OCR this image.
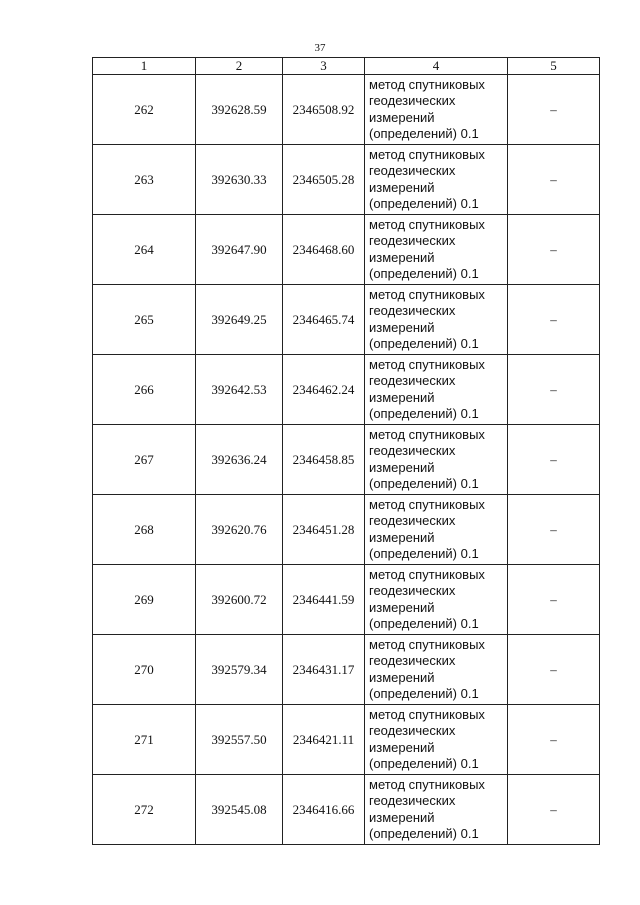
37
1	2	3	4	5
262	392628.59	2346508.92	метод спутниковых
геодезических
измерений
(определений) 0.1	–
263	392630.33	2346505.28	метод спутниковых
геодезических
измерений
(определений) 0.1	–
264	392647.90	2346468.60	метод спутниковых
геодезических
измерений
(определений) 0.1	–
265	392649.25	2346465.74	метод спутниковых
геодезических
измерений
(определений) 0.1	–
266	392642.53	2346462.24	метод спутниковых
геодезических
измерений
(определений) 0.1	–
267	392636.24	2346458.85	метод спутниковых
геодезических
измерений
(определений) 0.1	–
268	392620.76	2346451.28	метод спутниковых
геодезических
измерений
(определений) 0.1	–
269	392600.72	2346441.59	метод спутниковых
геодезических
измерений
(определений) 0.1	–
270	392579.34	2346431.17	метод спутниковых
геодезических
измерений
(определений) 0.1	–
271	392557.50	2346421.11	метод спутниковых
геодезических
измерений
(определений) 0.1	–
272	392545.08	2346416.66	метод спутниковых
геодезических
измерений
(определений) 0.1	–
